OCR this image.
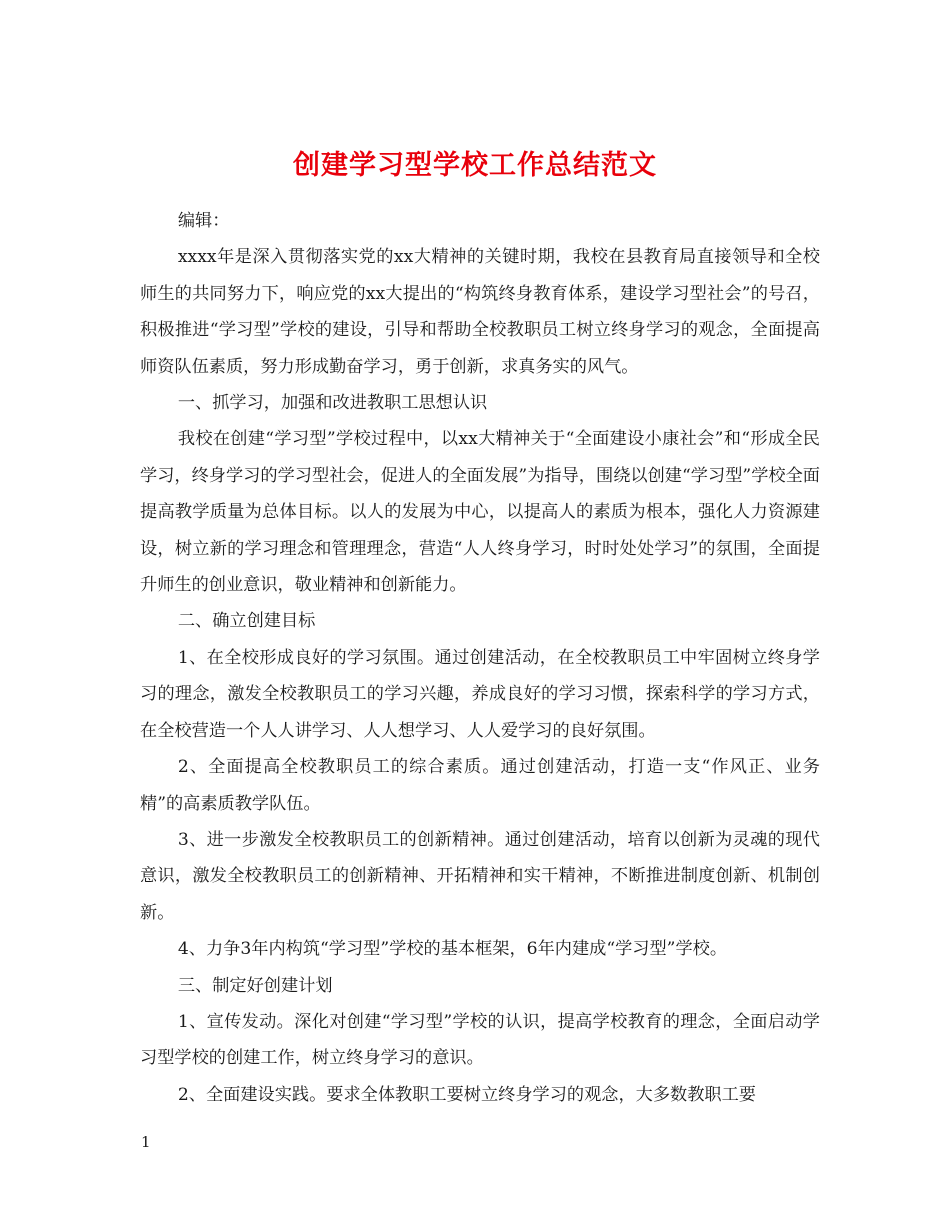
创建学习型学校工作总结范文

编辑：

xxxx年是深入贯彻落实党的xx大精神的关键时期，我校在县教育局直接领导和全校师生的共同努力下，响应党的xx大提出的“构筑终身教育体系，建设学习型社会”的号召，积极推进“学习型”学校的建设，引导和帮助全校教职员工树立终身学习的观念，全面提高师资队伍素质，努力形成勤奋学习，勇于创新，求真务实的风气。

一、抓学习，加强和改进教职工思想认识

我校在创建“学习型”学校过程中，以xx大精神关于“全面建设小康社会”和“形成全民学习，终身学习的学习型社会，促进人的全面发展”为指导，围绕以创建“学习型”学校全面提高教学质量为总体目标。以人的发展为中心，以提高人的素质为根本，强化人力资源建设，树立新的学习理念和管理理念，营造“人人终身学习，时时处处学习”的氛围，全面提升师生的创业意识，敬业精神和创新能力。

二、确立创建目标

1、在全校形成良好的学习氛围。通过创建活动，在全校教职员工中牢固树立终身学习的理念，激发全校教职员工的学习兴趣，养成良好的学习习惯，探索科学的学习方式，在全校营造一个人人讲学习、人人想学习、人人爱学习的良好氛围。

2、全面提高全校教职员工的综合素质。通过创建活动，打造一支“作风正、业务精”的高素质教学队伍。

3、进一步激发全校教职员工的创新精神。通过创建活动，培育以创新为灵魂的现代意识，激发全校教职员工的创新精神、开拓精神和实干精神，不断推进制度创新、机制创新。

4、力争3年内构筑“学习型”学校的基本框架，6年内建成“学习型”学校。

三、制定好创建计划

1、宣传发动。深化对创建“学习型”学校的认识，提高学校教育的理念，全面启动学习型学校的创建工作，树立终身学习的意识。

2、全面建设实践。要求全体教职工要树立终身学习的观念，大多数教职工要

1
